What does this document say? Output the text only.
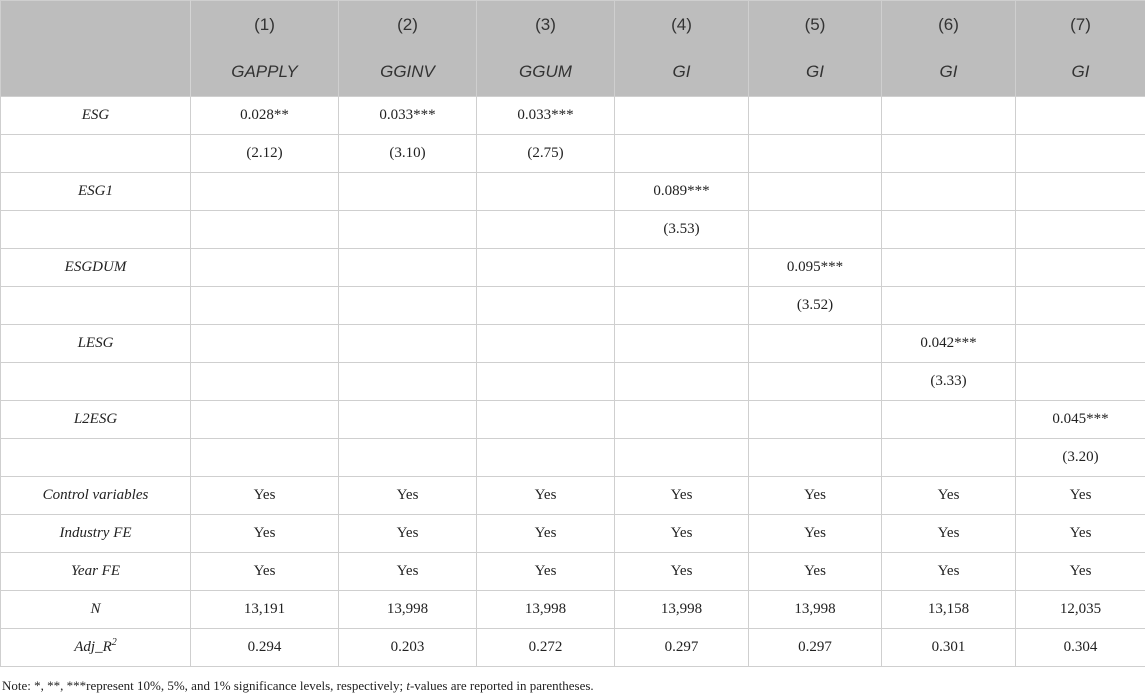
	(1)	(2)	(3)	(4)	(5)	(6)	(7)
	GAPPLY	GGINV	GGUM	GI	GI	GI	GI
ESG	0.028**	0.033***	0.033***				
	(2.12)	(3.10)	(2.75)				
ESG1				0.089***			
				(3.53)			
ESGDUM					0.095***		
					(3.52)		
LESG						0.042***	
						(3.33)	
L2ESG							0.045***
							(3.20)
Control variables	Yes	Yes	Yes	Yes	Yes	Yes	Yes
Industry FE	Yes	Yes	Yes	Yes	Yes	Yes	Yes
Year FE	Yes	Yes	Yes	Yes	Yes	Yes	Yes
N	13,191	13,998	13,998	13,998	13,998	13,158	12,035
$Adj\_R^2$	0.294	0.203	0.272	0.297	0.297	0.301	0.304
Note: *, **, ***represent 10%, 5%, and 1% significance levels, respectively; t-values are reported in parentheses.
